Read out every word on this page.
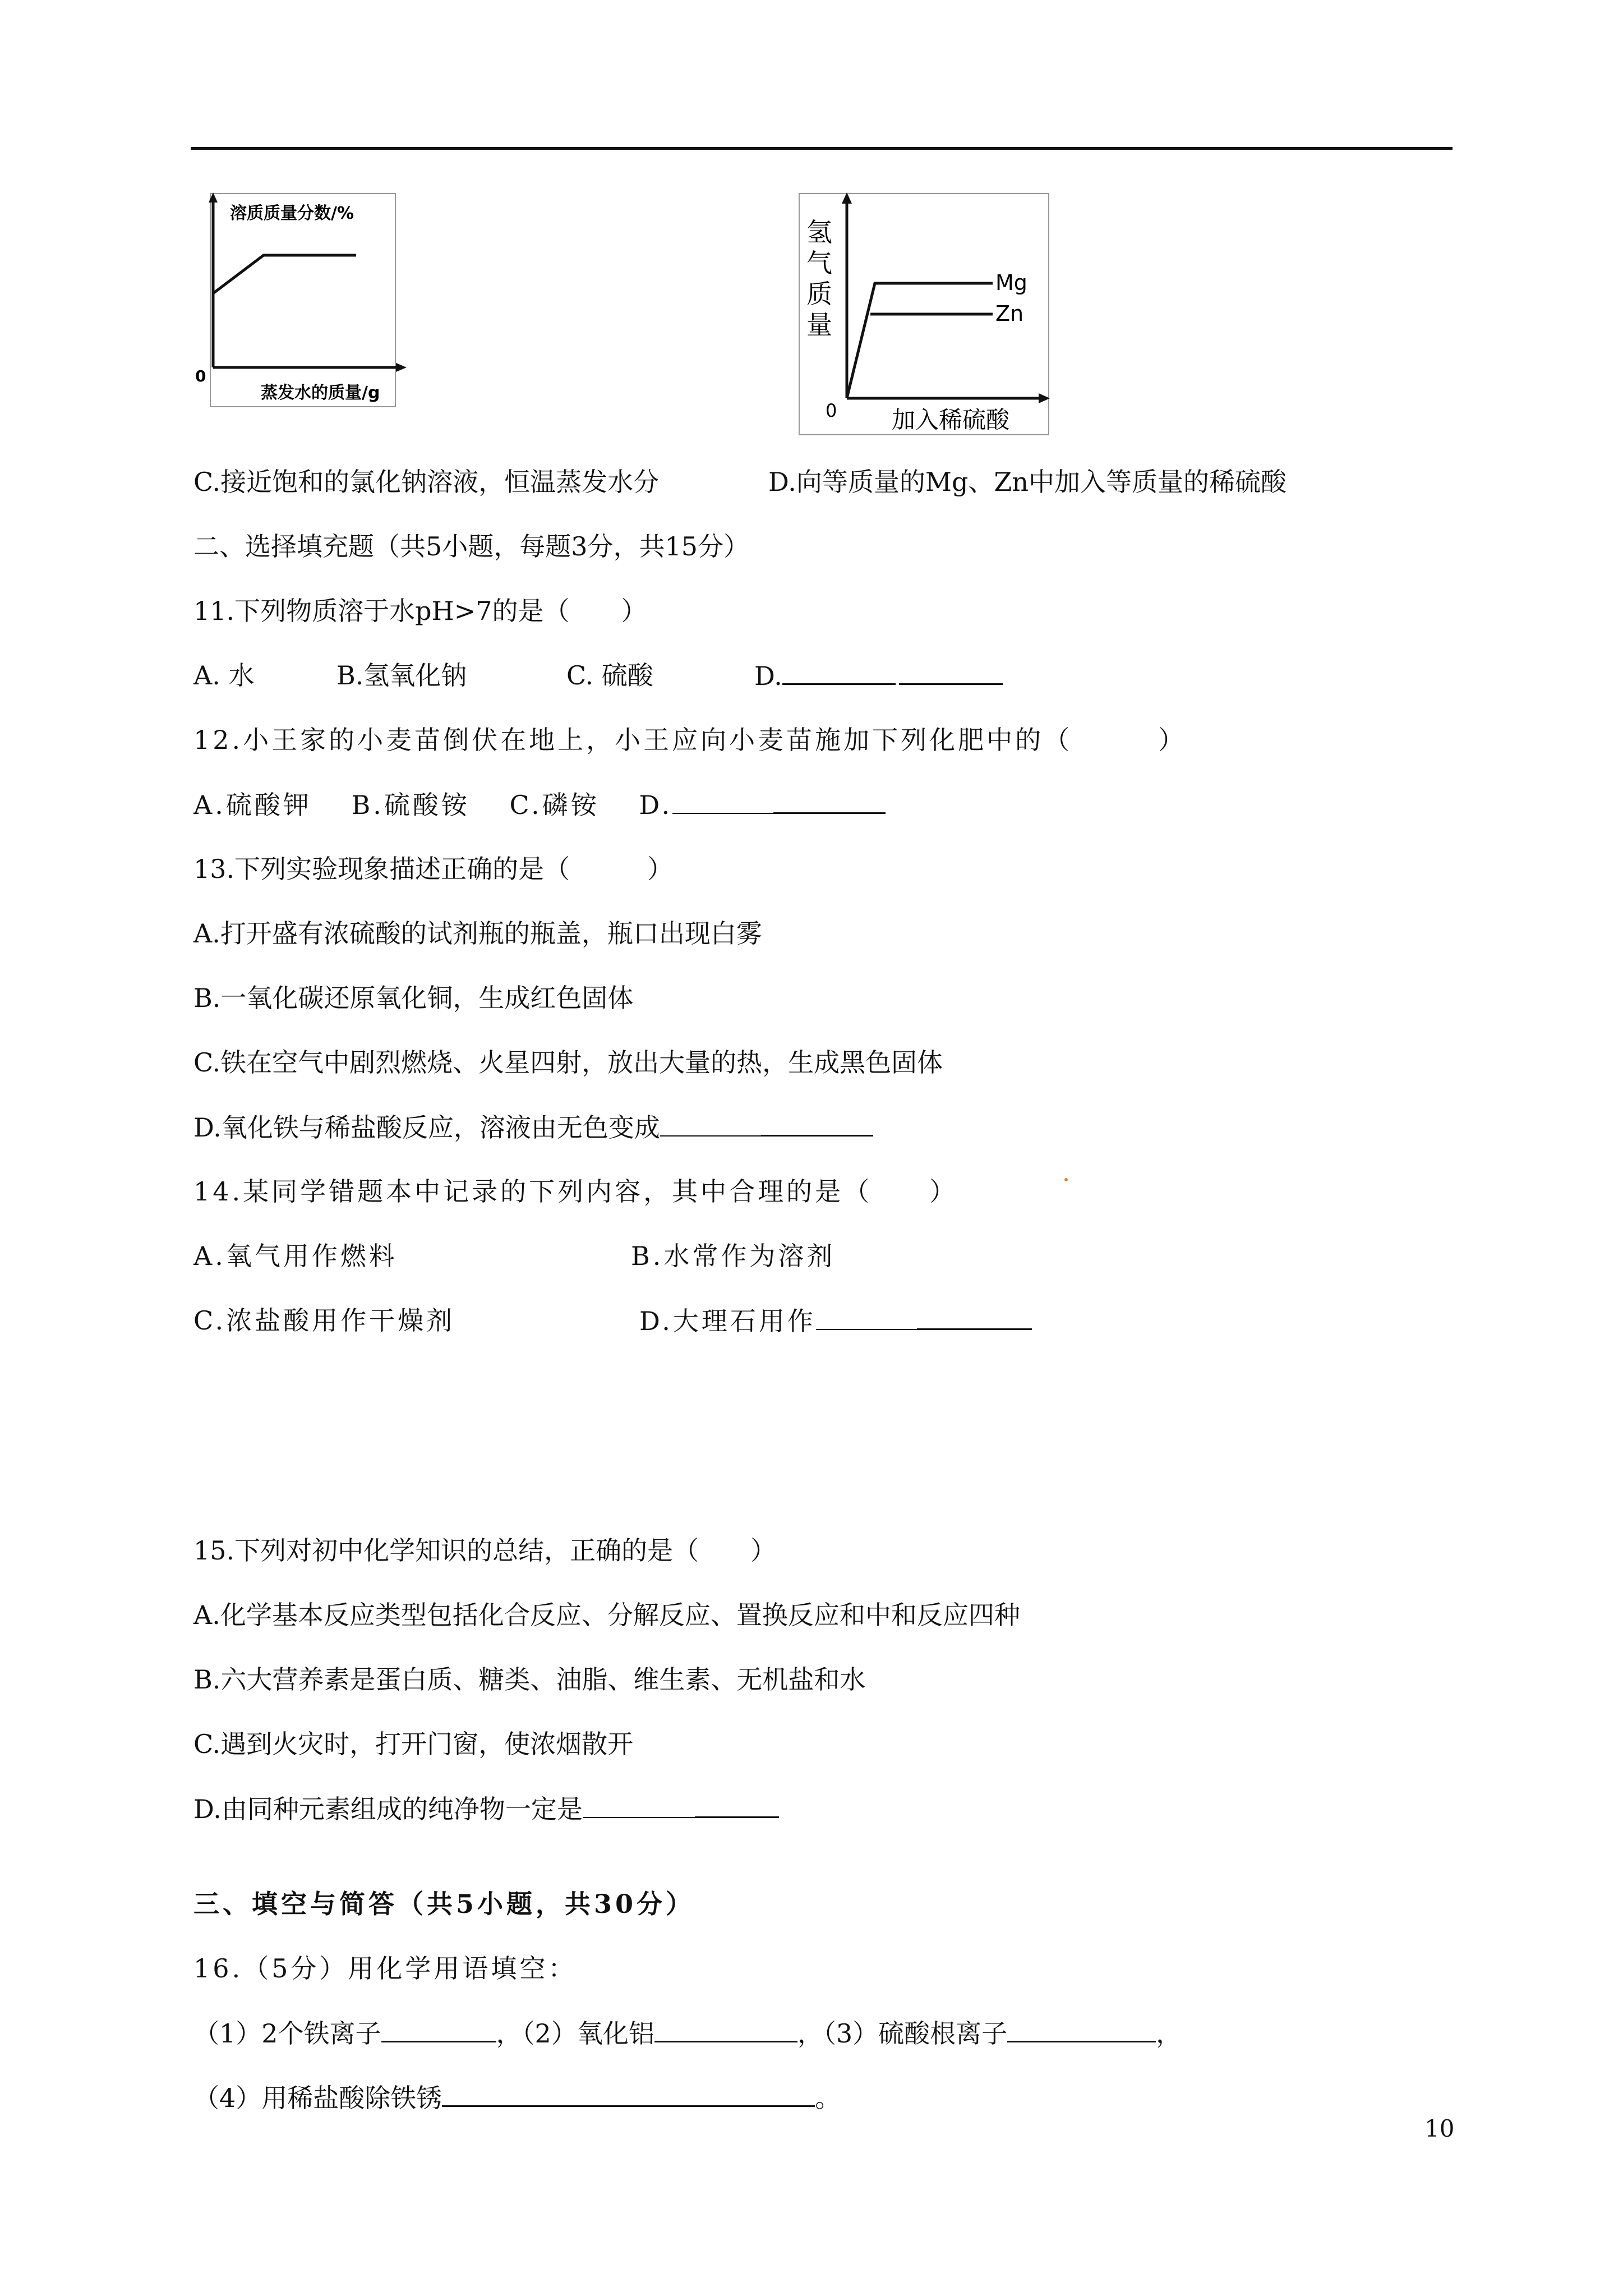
溶质质量分数/%
0
蒸发水的质量/g
氢
气
质
量
Mg
Zn
0 加入稀硫酸
C.接近饱和的氯化钠溶液，恒温蒸发水分	D.向等质量的Mg、Zn中加入等质量的稀硫酸
二、选择填充题（共5小题，每题3分，共15分）
11.下列物质溶于水pH>7的是（　　）
A. 水	B.氢氧化钠	C. 硫酸	D.
12.小王家的小麦苗倒伏在地上，小王应向小麦苗施加下列化肥中的（　　　）
A.硫酸钾　 B.硫酸铵　 C.磷铵　 D.
13.下列实验现象描述正确的是（　　　）
A.打开盛有浓硫酸的试剂瓶的瓶盖，瓶口出现白雾
B.一氧化碳还原氧化铜，生成红色固体
C.铁在空气中剧烈燃烧、火星四射，放出大量的热，生成黑色固体
D.氧化铁与稀盐酸反应，溶液由无色变成
14.某同学错题本中记录的下列内容，其中合理的是（　　）
A.氧气用作燃料	B.水常作为溶剂
C.浓盐酸用作干燥剂	D.大理石用作
15.下列对初中化学知识的总结，正确的是（　　）
A.化学基本反应类型包括化合反应、分解反应、置换反应和中和反应四种
B.六大营养素是蛋白质、糖类、油脂、维生素、无机盐和水
C.遇到火灾时，打开门窗，使浓烟散开
D.由同种元素组成的纯净物一定是
三、填空与简答（共5小题，共30分）
16.（5分）用化学用语填空：
（1）2个铁离子	，（2）氧化铝	，（3）硫酸根离子	，
（4）用稀盐酸除铁锈	。
10
